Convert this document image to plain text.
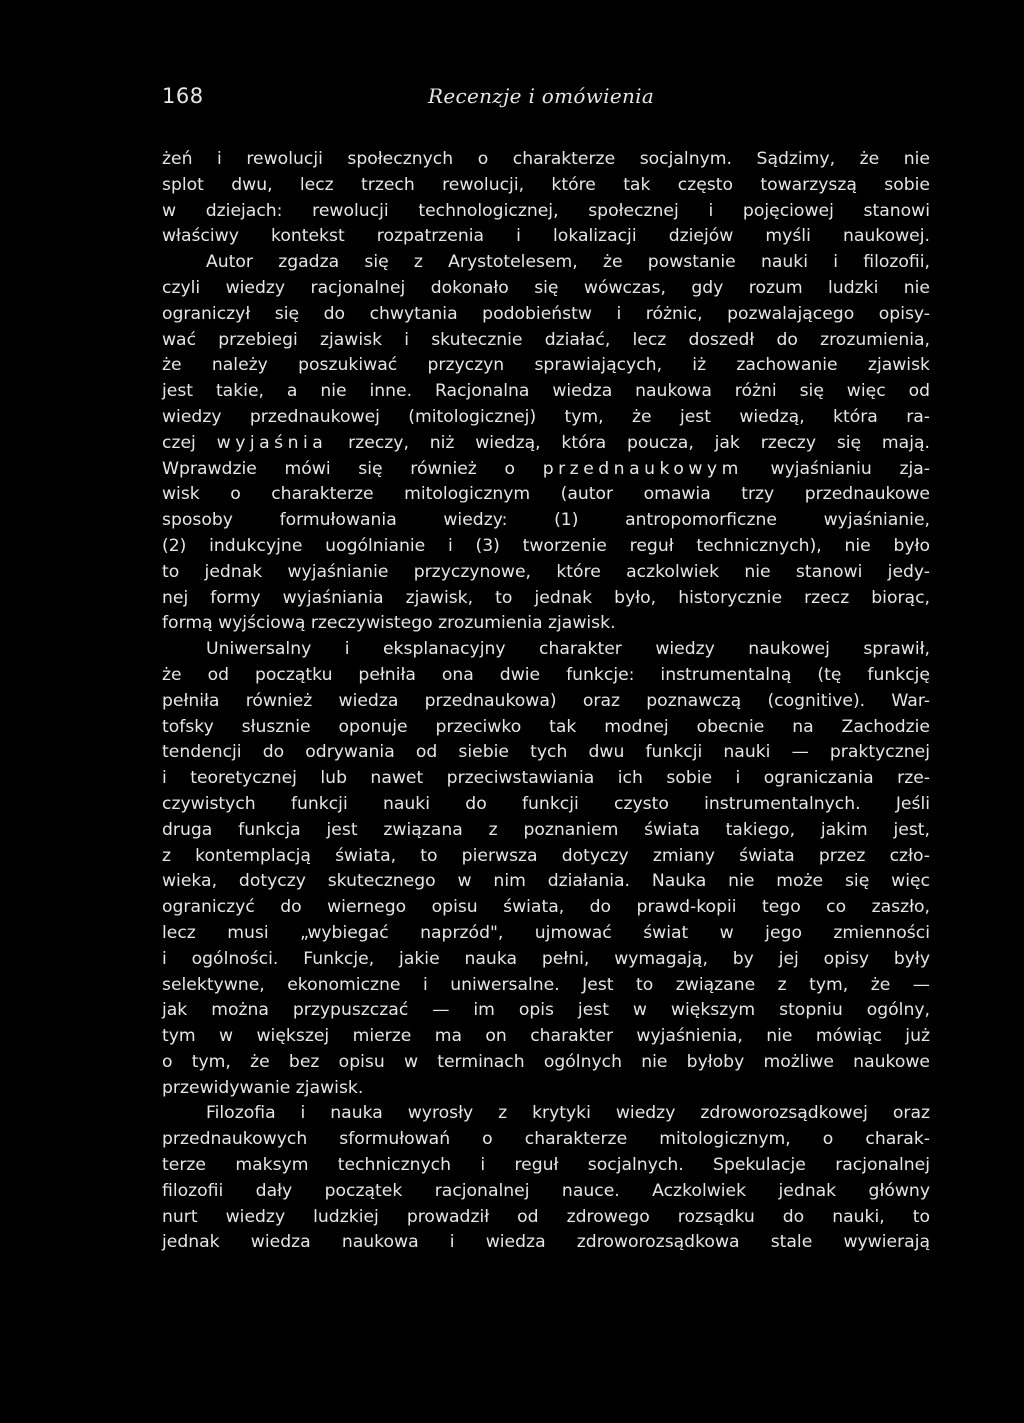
168	Recenzje i omówienia
żeń i rewolucji społecznych o charakterze socjalnym. Sądzimy, że nie
splot dwu, lecz trzech rewolucji, które tak często towarzyszą sobie
w dziejach: rewolucji technologicznej, społecznej i pojęciowej stanowi
właściwy kontekst rozpatrzenia i lokalizacji dziejów myśli naukowej.
Autor zgadza się z Arystotelesem, że powstanie nauki i filozofii,
czyli wiedzy racjonalnej dokonało się wówczas, gdy rozum ludzki nie
ograniczył się do chwytania podobieństw i różnic, pozwalającego opisy-
wać przebiegi zjawisk i skutecznie działać, lecz doszedł do zrozumienia,
że należy poszukiwać przyczyn sprawiających, iż zachowanie zjawisk
jest takie, a nie inne. Racjonalna wiedza naukowa różni się więc od
wiedzy przednaukowej (mitologicznej) tym, że jest wiedzą, która ra-
czej wyjaśnia rzeczy, niż wiedzą, która poucza, jak rzeczy się mają.
Wprawdzie mówi się również o przednaukowym wyjaśnianiu zja-
wisk o charakterze mitologicznym (autor omawia trzy przednaukowe
sposoby formułowania wiedzy: (1) antropomorficzne wyjaśnianie,
(2) indukcyjne uogólnianie i (3) tworzenie reguł technicznych), nie było
to jednak wyjaśnianie przyczynowe, które aczkolwiek nie stanowi jedy-
nej formy wyjaśniania zjawisk, to jednak było, historycznie rzecz biorąc,
formą wyjściową rzeczywistego zrozumienia zjawisk.
Uniwersalny i eksplanacyjny charakter wiedzy naukowej sprawił,
że od początku pełniła ona dwie funkcje: instrumentalną (tę funkcję
pełniła również wiedza przednaukowa) oraz poznawczą (cognitive). War-
tofsky słusznie oponuje przeciwko tak modnej obecnie na Zachodzie
tendencji do odrywania od siebie tych dwu funkcji nauki — praktycznej
i teoretycznej lub nawet przeciwstawiania ich sobie i ograniczania rze-
czywistych funkcji nauki do funkcji czysto instrumentalnych. Jeśli
druga funkcja jest związana z poznaniem świata takiego, jakim jest,
z kontemplacją świata, to pierwsza dotyczy zmiany świata przez czło-
wieka, dotyczy skutecznego w nim działania. Nauka nie może się więc
ograniczyć do wiernego opisu świata, do prawd-kopii tego co zaszło,
lecz musi „wybiegać naprzód", ujmować świat w jego zmienności
i ogólności. Funkcje, jakie nauka pełni, wymagają, by jej opisy były
selektywne, ekonomiczne i uniwersalne. Jest to związane z tym, że —
jak można przypuszczać — im opis jest w większym stopniu ogólny,
tym w większej mierze ma on charakter wyjaśnienia, nie mówiąc już
o tym, że bez opisu w terminach ogólnych nie byłoby możliwe naukowe
przewidywanie zjawisk.
Filozofia i nauka wyrosły z krytyki wiedzy zdroworozsądkowej oraz
przednaukowych sformułowań o charakterze mitologicznym, o charak-
terze maksym technicznych i reguł socjalnych. Spekulacje racjonalnej
filozofii dały początek racjonalnej nauce. Aczkolwiek jednak główny
nurt wiedzy ludzkiej prowadził od zdrowego rozsądku do nauki, to
jednak wiedza naukowa i wiedza zdroworozsądkowa stale wywierają
